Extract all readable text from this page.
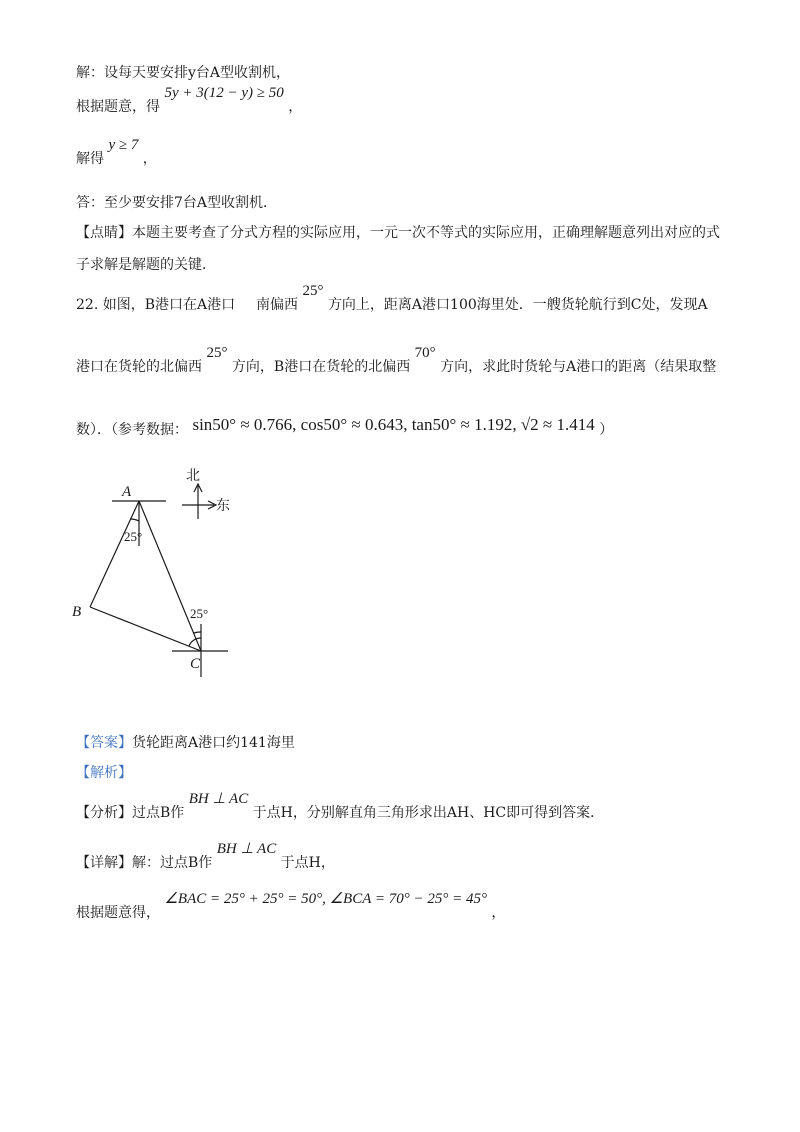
解：设每天要安排y台A型收割机，
根据题意，得 5y + 3(12 − y) ≥ 50 ，
解得 y ≥ 7 ，
答：至少要安排7台A型收割机．
【点睛】本题主要考查了分式方程的实际应用，一元一次不等式的实际应用，正确理解题意列出对应的式
子求解是解题的关键．
22. 如图，B港口在A港口 南偏西 25° 方向上，距离A港口100海里处．一艘货轮航行到C处，发现A
港口在货轮的北偏西 25° 方向，B港口在货轮的北偏西 70° 方向，求此时货轮与A港口的距离（结果取整
数）．（参考数据： sin50° ≈ 0.766, cos50° ≈ 0.643, tan50° ≈ 1.192, √2 ≈ 1.414 ）
A
B
C
25°
25°
北
东
【答案】货轮距离A港口约141海里
【解析】
【分析】过点B作 BH ⊥ AC 于点H，分别解直角三角形求出AH、HC即可得到答案．
【详解】解：过点B作 BH ⊥ AC 于点H，
根据题意得， ∠BAC = 25° + 25° = 50°, ∠BCA = 70° − 25° = 45° ，
